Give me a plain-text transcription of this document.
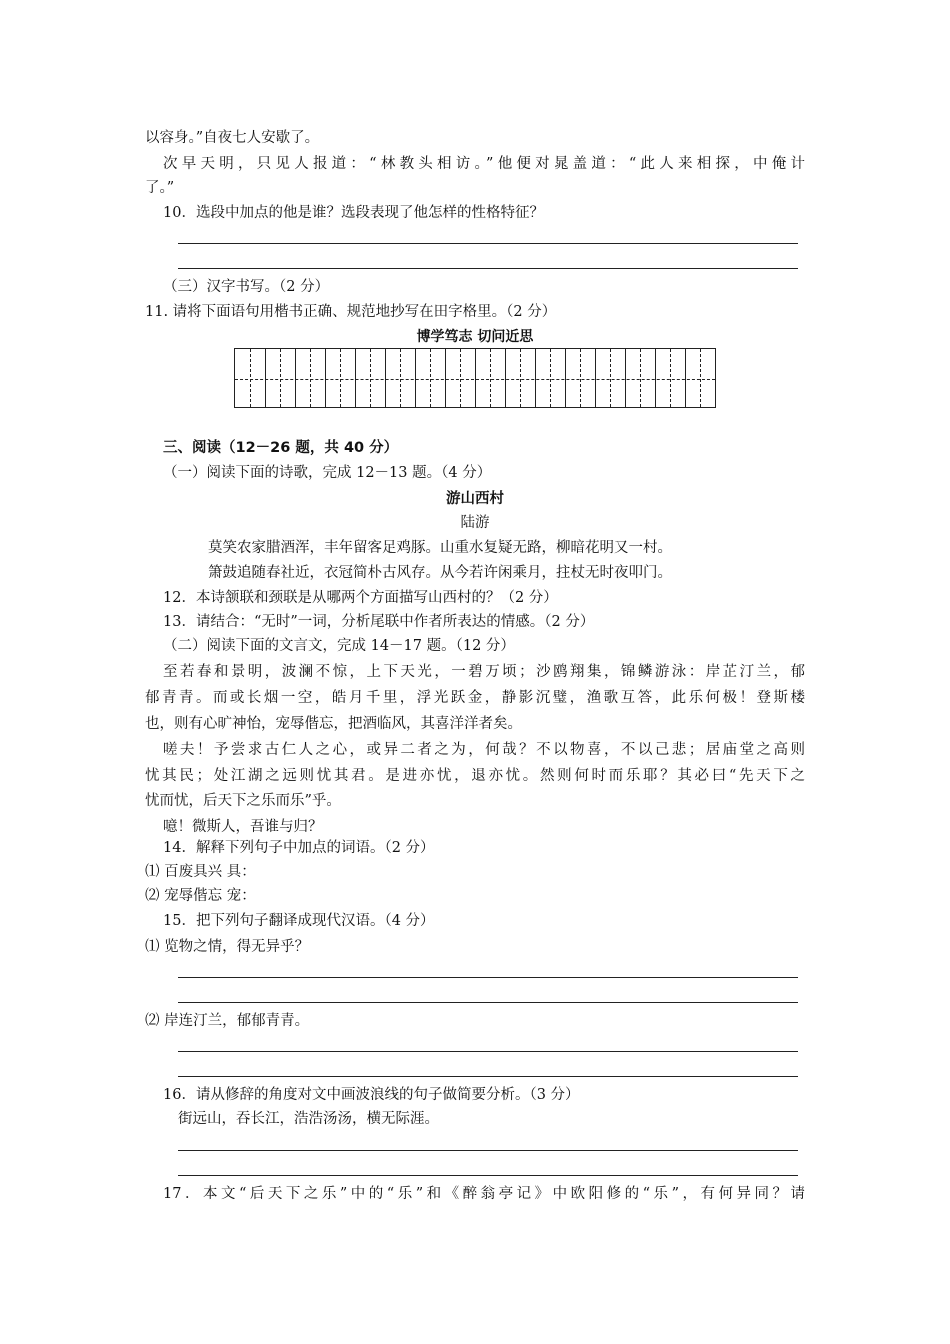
以容身。”自夜七人安歇了。
次早天明，只见人报道：“林教头相访。”他便对晁盖道：“此人来相探，中俺计
了。”
10．选段中加点的他是谁？选段表现了他怎样的性格特征？
（三）汉字书写。（2 分）
11. 请将下面语句用楷书正确、规范地抄写在田字格里。（2 分）
博学笃志 切问近思
三、阅读（12－26 题，共 40 分）
（一）阅读下面的诗歌，完成 12－13 题。（4 分）
游山西村
陆游
莫笑农家腊酒浑，丰年留客足鸡豚。山重水复疑无路，柳暗花明又一村。
箫鼓追随春社近，衣冠简朴古风存。从今若许闲乘月，拄杖无时夜叩门。
12．本诗颔联和颈联是从哪两个方面描写山西村的？（2 分）
13．请结合：“无时”一词，分析尾联中作者所表达的情感。（2 分）
（二）阅读下面的文言文，完成 14－17 题。（12 分）
至若春和景明，波澜不惊，上下天光，一碧万顷；沙鸥翔集，锦鳞游泳：岸芷汀兰，郁
郁青青。而或长烟一空，皓月千里，浮光跃金，静影沉璧，渔歌互答，此乐何极！登斯楼
也，则有心旷神怡，宠辱偕忘，把酒临风，其喜洋洋者矣。
嗟夫！予尝求古仁人之心，或异二者之为，何哉？不以物喜，不以己悲；居庙堂之高则
忧其民；处江湖之远则忧其君。是进亦忧，退亦忧。然则何时而乐耶？其必曰“先天下之
忧而忧，后天下之乐而乐”乎。
噫！微斯人，吾谁与归？
14．解释下列句子中加点的词语。（2 分）
⑴ 百废具兴 具：
⑵ 宠辱偕忘 宠：
15．把下列句子翻译成现代汉语。（4 分）
⑴ 览物之情，得无异乎？
⑵ 岸连汀兰，郁郁青青。
16．请从修辞的角度对文中画波浪线的句子做简要分析。（3 分）
街远山，吞长江，浩浩汤汤，横无际涯。
17．本文“后天下之乐”中的“乐”和《醉翁亭记》中欧阳修的“乐”，有何异同？请
